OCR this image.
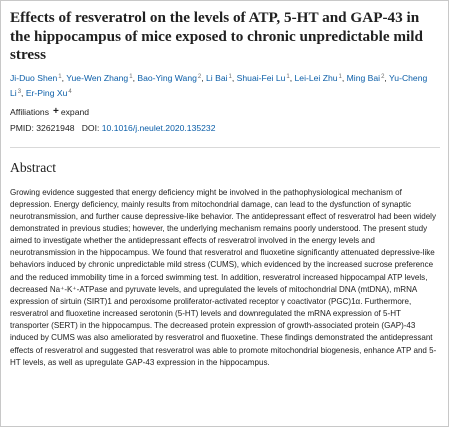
Effects of resveratrol on the levels of ATP, 5-HT and GAP-43 in the hippocampus of mice exposed to chronic unpredictable mild stress
Ji-Duo Shen$^1$, Yue-Wen Zhang$^1$, Bao-Ying Wang$^2$, Li Bai$^1$, Shuai-Fei Lu$^1$, Lei-Lei Zhu$^1$, Ming Bai$^2$, Yu-Cheng Li$^3$, Er-Ping Xu$^4$
Affiliations + expand
PMID: 32621948 DOI: 10.1016/j.neulet.2020.135232
Abstract
Growing evidence suggested that energy deficiency might be involved in the pathophysiological mechanism of depression. Energy deficiency, mainly results from mitochondrial damage, can lead to the dysfunction of synaptic neurotransmission, and further cause depressive-like behavior. The antidepressant effect of resveratrol had been widely demonstrated in previous studies; however, the underlying mechanism remains poorly understood. The present study aimed to investigate whether the antidepressant effects of resveratrol involved in the energy levels and neurotransmission in the hippocampus. We found that resveratrol and fluoxetine significantly attenuated depressive-like behaviors induced by chronic unpredictable mild stress (CUMS), which evidenced by the increased sucrose preference and the reduced immobility time in a forced swimming test. In addition, resveratrol increased hippocampal ATP levels, decreased Na⁺-K⁺-ATPase and pyruvate levels, and upregulated the levels of mitochondrial DNA (mtDNA), mRNA expression of sirtuin (SIRT)1 and peroxisome proliferator-activated receptor γ coactivator (PGC)1α. Furthermore, resveratrol and fluoxetine increased serotonin (5-HT) levels and downregulated the mRNA expression of 5-HT transporter (SERT) in the hippocampus. The decreased protein expression of growth-associated protein (GAP)-43 induced by CUMS was also ameliorated by resveratrol and fluoxetine. These findings demonstrated the antidepressant effects of resveratrol and suggested that resveratrol was able to promote mitochondrial biogenesis, enhance ATP and 5-HT levels, as well as upregulate GAP-43 expression in the hippocampus.
